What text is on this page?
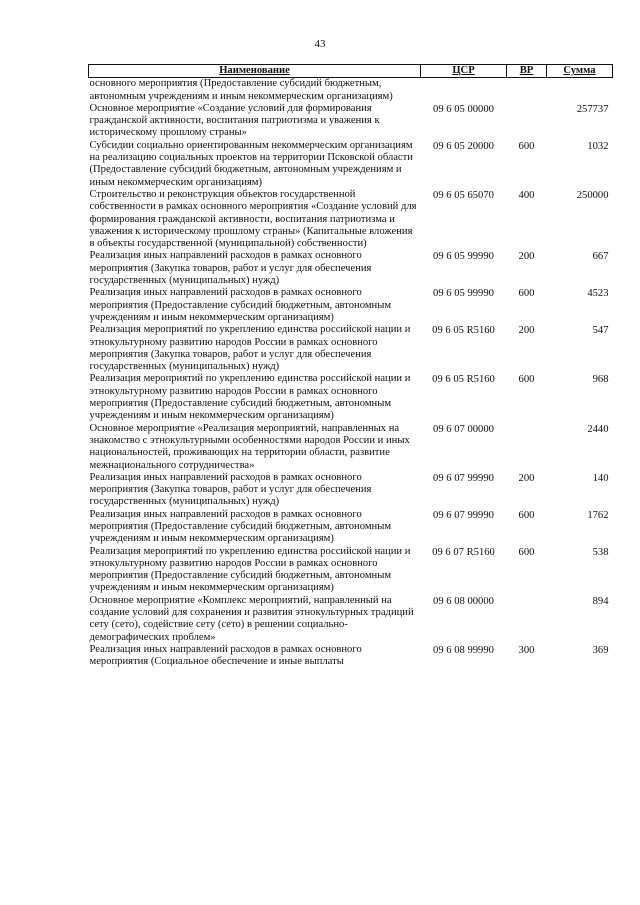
43
Наименование	ЦСР	ВР	Сумма
основного мероприятия (Предоставление субсидий бюджетным, автономным учреждениям и иным некоммерческим организациям)			
Основное мероприятие «Создание условий для формирования гражданской активности, воспитания патриотизма и уважения к историческому прошлому страны»	09 6 05 00000		257737
Субсидии социально ориентированным некоммерческим организациям на реализацию социальных проектов на территории Псковской области (Предоставление субсидий бюджетным, автономным учреждениям и иным некоммерческим организациям)	09 6 05 20000	600	1032
Строительство и реконструкция объектов государственной собственности в рамках основного мероприятия «Создание условий для формирования гражданской активности, воспитания патриотизма и уважения к историческому прошлому страны» (Капитальные вложения в объекты государственной (муниципальной) собственности)	09 6 05 65070	400	250000
Реализация иных направлений расходов в рамках основного мероприятия (Закупка товаров, работ и услуг для обеспечения государственных (муниципальных) нужд)	09 6 05 99990	200	667
Реализация иных направлений расходов в рамках основного мероприятия (Предоставление субсидий бюджетным, автономным учреждениям и иным некоммерческим организациям)	09 6 05 99990	600	4523
Реализация мероприятий по укреплению единства российской нации и этнокультурному развитию народов России в рамках основного мероприятия (Закупка товаров, работ и услуг для обеспечения государственных (муниципальных) нужд)	09 6 05 R5160	200	547
Реализация мероприятий по укреплению единства российской нации и этнокультурному развитию народов России в рамках основного мероприятия (Предоставление субсидий бюджетным, автономным учреждениям и иным некоммерческим организациям)	09 6 05 R5160	600	968
Основное мероприятие «Реализация мероприятий, направленных на знакомство с этнокультурными особенностями народов России и иных национальностей, проживающих на территории области, развитие межнационального сотрудничества»	09 6 07 00000		2440
Реализация иных направлений расходов в рамках основного мероприятия (Закупка товаров, работ и услуг для обеспечения государственных (муниципальных) нужд)	09 6 07 99990	200	140
Реализация иных направлений расходов в рамках основного мероприятия (Предоставление субсидий бюджетным, автономным учреждениям и иным некоммерческим организациям)	09 6 07 99990	600	1762
Реализация мероприятий по укреплению единства российской нации и этнокультурному развитию народов России в рамках основного мероприятия (Предоставление субсидий бюджетным, автономным учреждениям и иным некоммерческим организациям)	09 6 07 R5160	600	538
Основное мероприятие «Комплекс мероприятий, направленный на создание условий для сохранения и развития этнокультурных традиций сету (сето), содействие сету (сето) в решении социально-демографических проблем»	09 6 08 00000		894
Реализация иных направлений расходов в рамках основного мероприятия (Социальное обеспечение и иные выплаты	09 6 08 99990	300	369
